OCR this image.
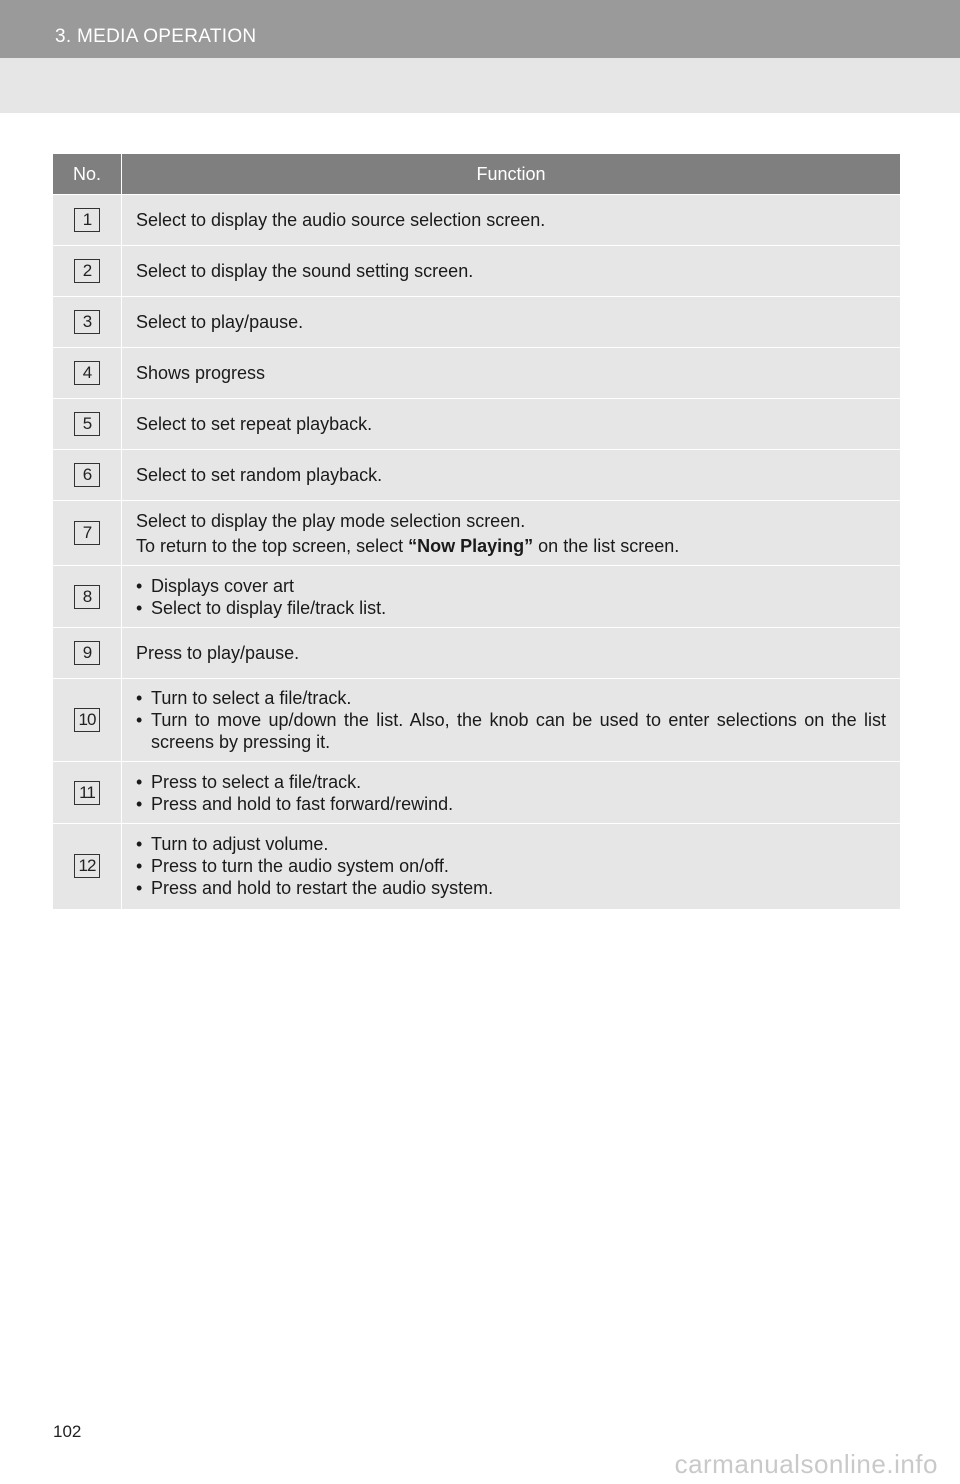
3. MEDIA OPERATION
No.	Function
1	Select to display the audio source selection screen.

2	Select to display the sound setting screen.

3	Select to play/pause.

4	Shows progress

5	Select to set repeat playback.

6	Select to set random playback.

7	Select to display the play mode selection screen.
To return to the top screen, select “Now Playing” on the list screen.

8	• Displays cover art
• Select to display file/track list.

9	Press to play/pause.

10	• Turn to select a file/track.
• Turn to move up/down the list. Also, the knob can be used to enter selections on the list screens by pressing it.

11	• Press to select a file/track.
• Press and hold to fast forward/rewind.

12	• Turn to adjust volume.
• Press to turn the audio system on/off.
• Press and hold to restart the audio system.
102
carmanualsonline.info
